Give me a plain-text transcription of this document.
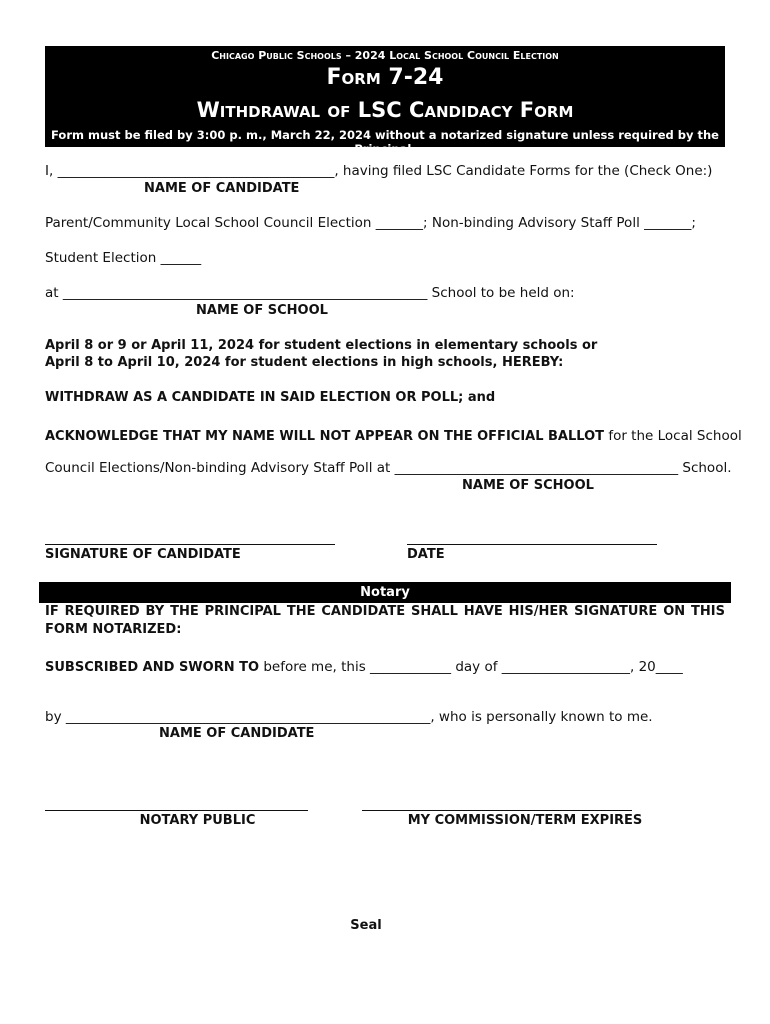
Chicago Public Schools – 2024 Local School Council Election
Form 7-24
Withdrawal of LSC Candidacy Form
Form must be filed by 3:00 p. m., March 22, 2024 without a notarized signature unless required by the Principal.
I, _________________________________________, having filed LSC Candidate Forms for the (Check One:)
NAME OF CANDIDATE
Parent/Community Local School Council Election _______; Non-binding Advisory Staff Poll _______;
Student Election ______
at ______________________________________________________ School to be held on:
NAME OF SCHOOL
April 8 or 9 or April 11, 2024 for student elections in elementary schools or
April 8 to April 10, 2024 for student elections in high schools, HEREBY:
WITHDRAW AS A CANDIDATE IN SAID ELECTION OR POLL; and
ACKNOWLEDGE THAT MY NAME WILL NOT APPEAR ON THE OFFICIAL BALLOT for the Local School
Council Elections/Non-binding Advisory Staff Poll at __________________________________________ School.
NAME OF SCHOOL
SIGNATURE OF CANDIDATE	DATE
Notary
IF REQUIRED BY THE PRINCIPAL THE CANDIDATE SHALL HAVE HIS/HER SIGNATURE ON THIS FORM NOTARIZED:
SUBSCRIBED AND SWORN TO before me, this ____________ day of ___________________, 20____
by ______________________________________________________, who is personally known to me.
NAME OF CANDIDATE
NOTARY PUBLIC	MY COMMISSION/TERM EXPIRES
Seal
